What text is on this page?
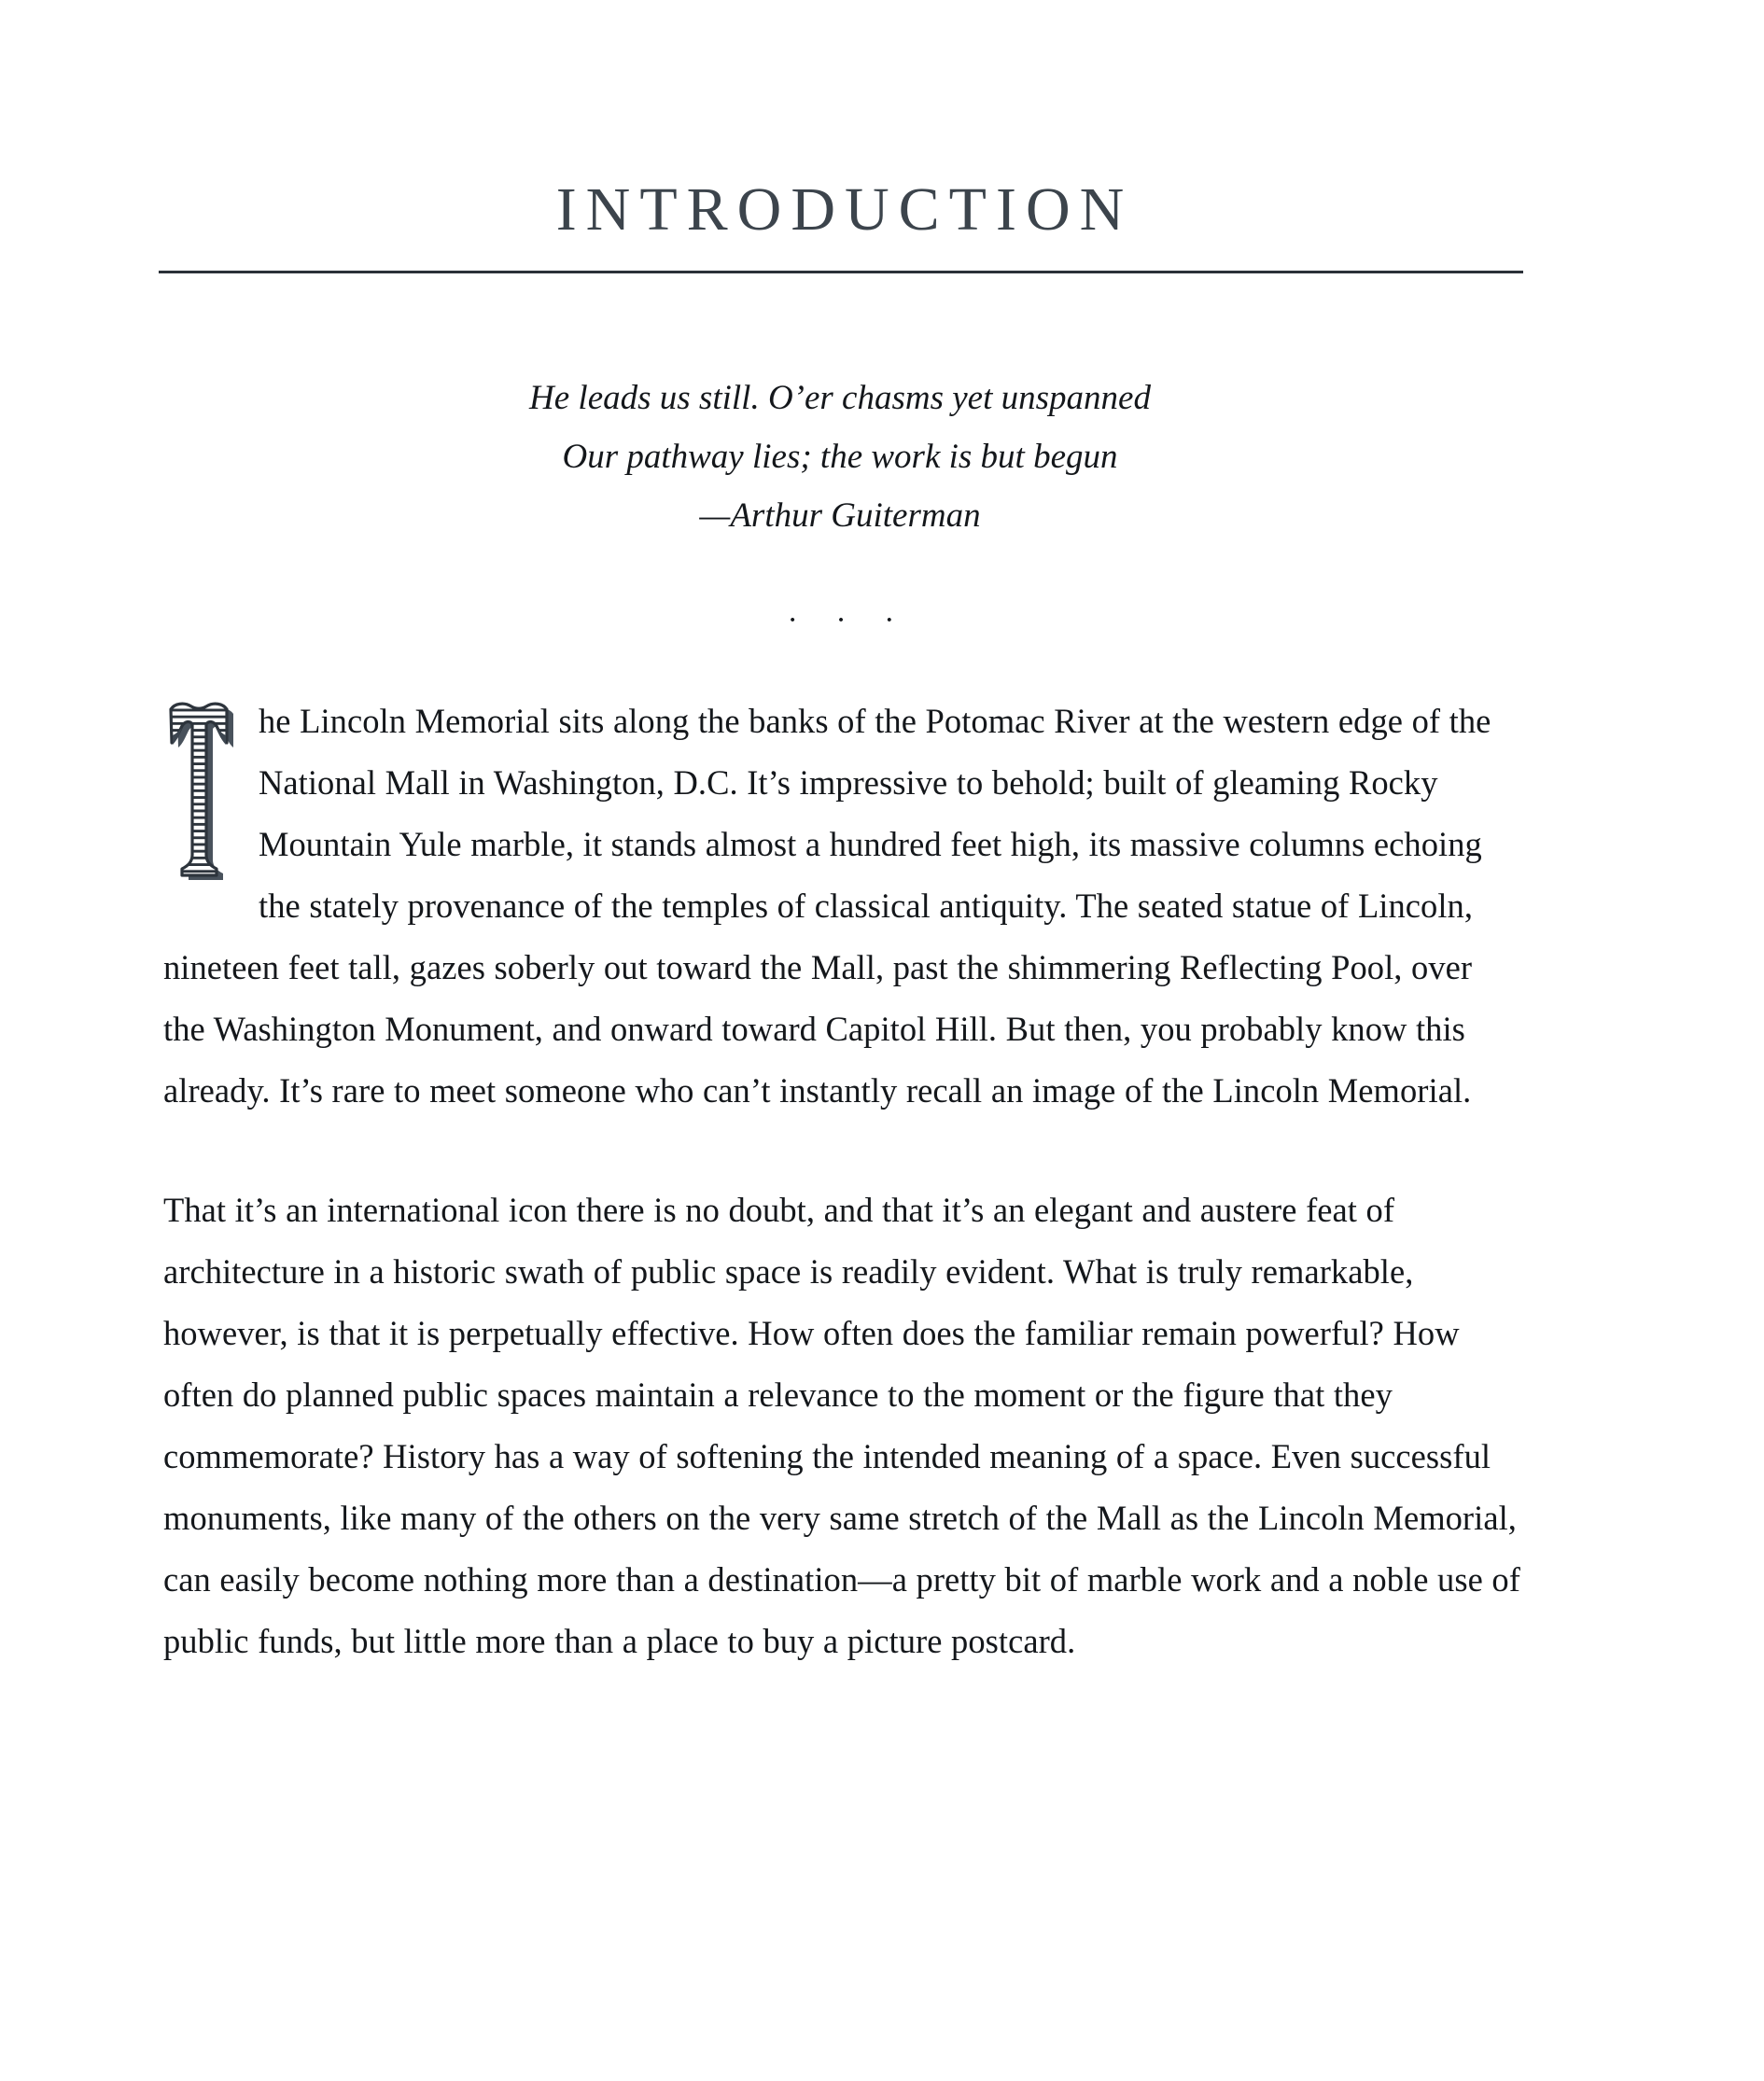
INTRODUCTION
He leads us still. O’er chasms yet unspanned
Our pathway lies; the work is but begun
—Arthur Guiterman
· · ·

he Lincoln Memorial sits along the banks of the Potomac River at the western edge of the National Mall in Washington, D.C. It’s impressive to behold; built of gleaming Rocky Mountain Yule marble, it stands almost a hundred feet high, its massive columns echoing the stately provenance of the temples of classical antiquity. The seated statue of Lincoln, nineteen feet tall, gazes soberly out toward the Mall, past the shimmering Reflecting Pool, over the Washington Monument, and onward toward Capitol Hill. But then, you probably know this already. It’s rare to meet someone who can’t instantly recall an image of the Lincoln Memorial.

That it’s an international icon there is no doubt, and that it’s an elegant and austere feat of architecture in a historic swath of public space is readily evident. What is truly remarkable, however, is that it is perpetually effective. How often does the familiar remain powerful? How often do planned public spaces maintain a relevance to the moment or the figure that they commemorate? History has a way of softening the intended meaning of a space. Even successful monuments, like many of the others on the very same stretch of the Mall as the Lincoln Memorial, can easily become nothing more than a destination—a pretty bit of marble work and a noble use of public funds, but little more than a place to buy a picture postcard.
